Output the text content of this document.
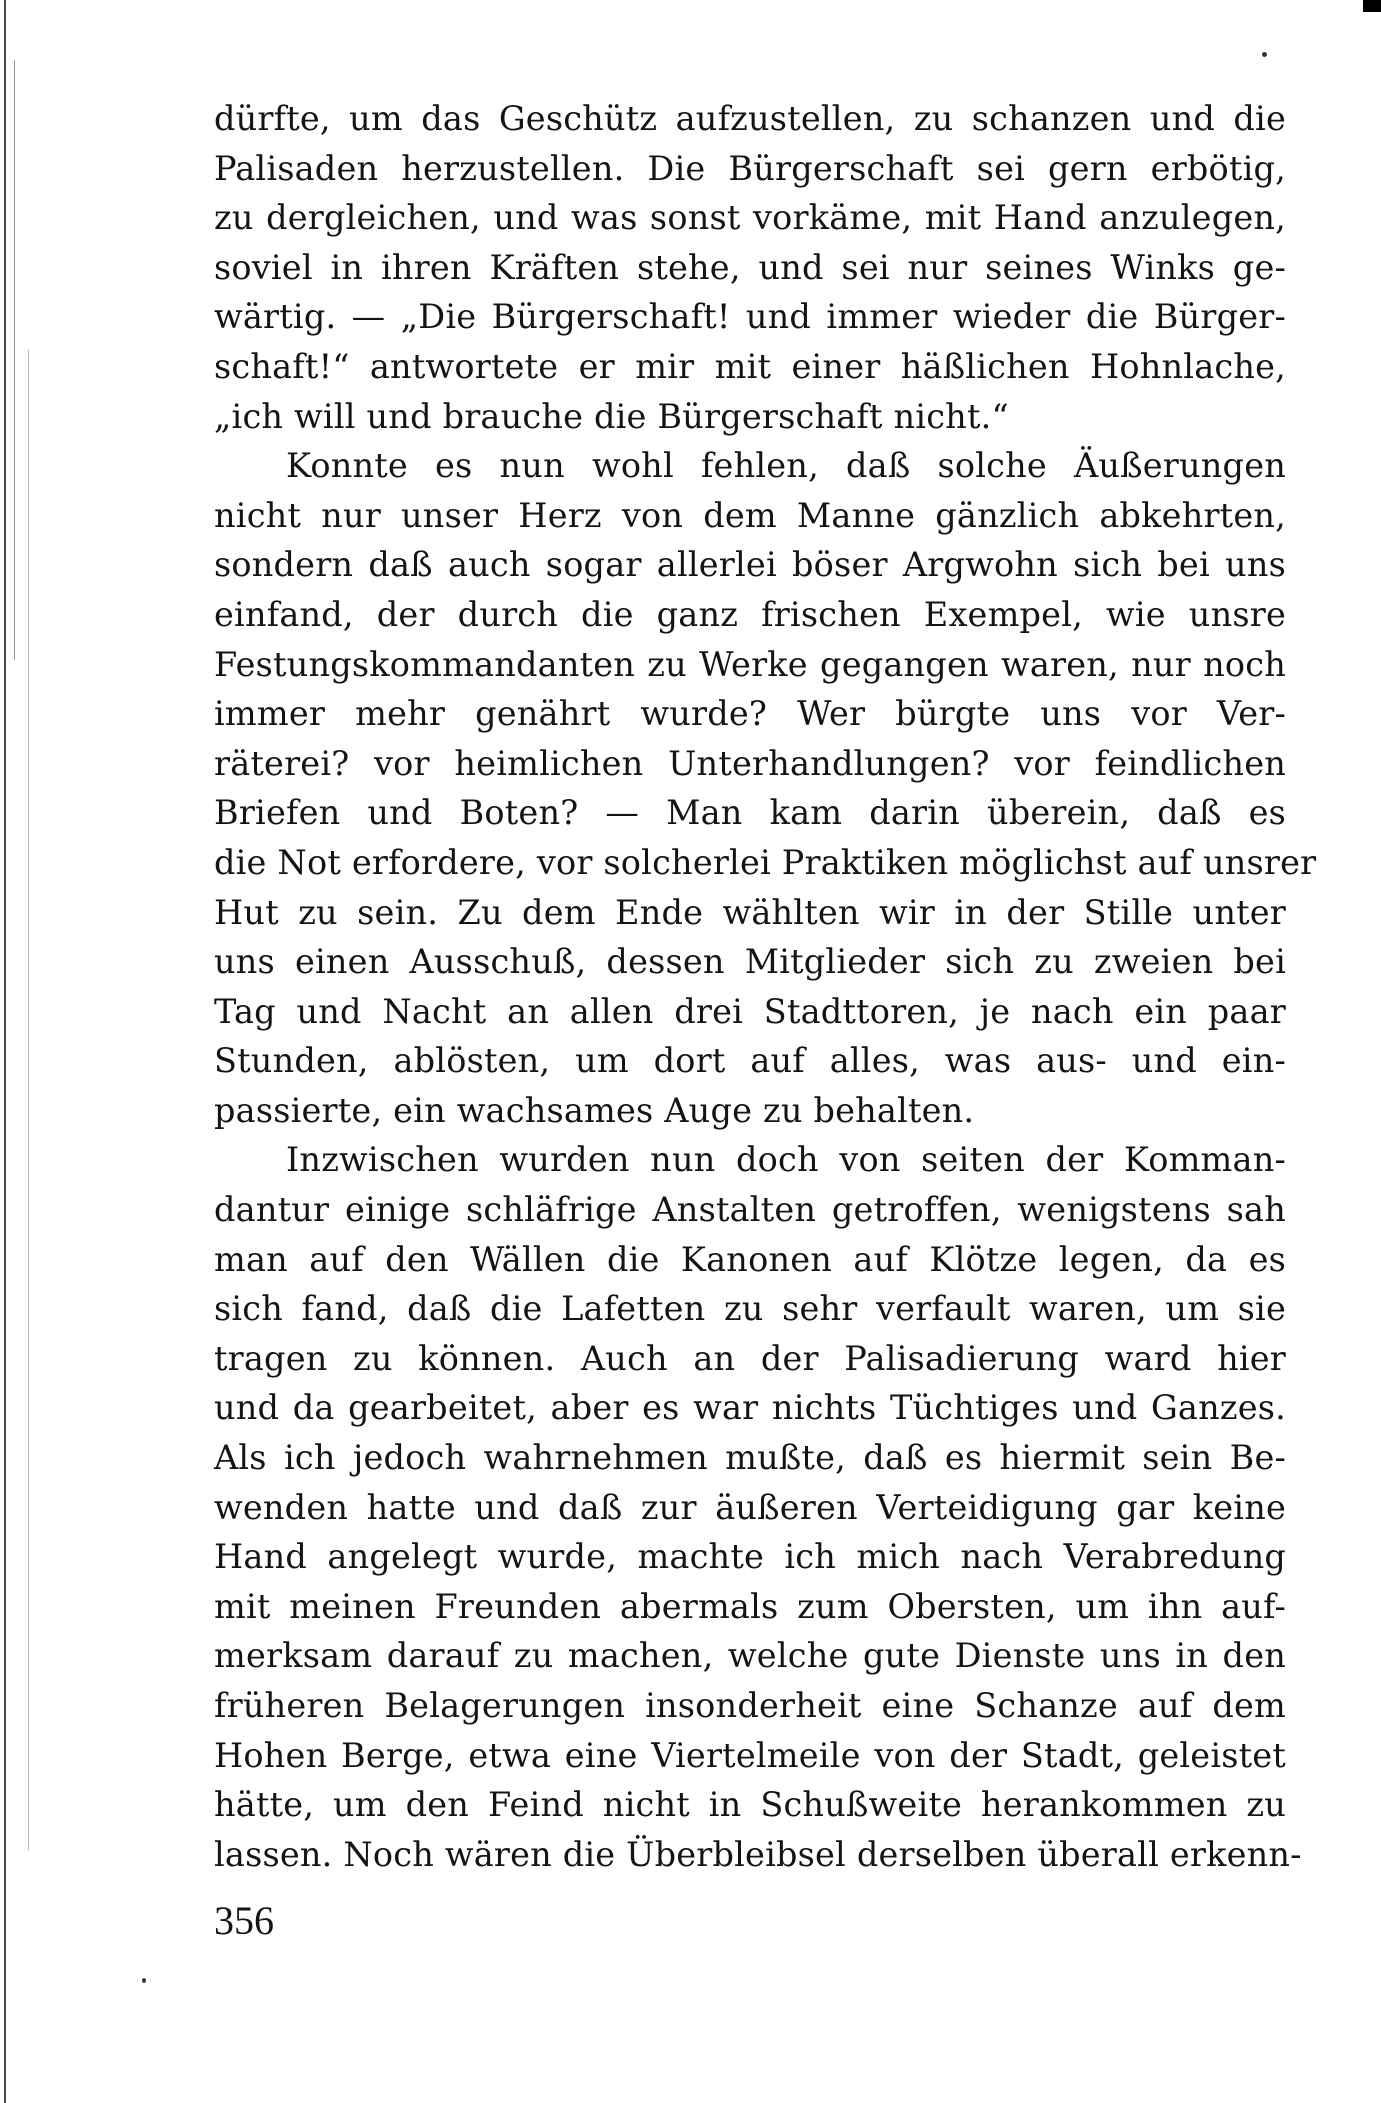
dürfte, um das Geschütz aufzustellen, zu schanzen und die
Palisaden herzustellen. Die Bürgerschaft sei gern erbötig,
zu dergleichen, und was sonst vorkäme, mit Hand anzulegen,
soviel in ihren Kräften stehe, und sei nur seines Winks ge-
wärtig. — „Die Bürgerschaft! und immer wieder die Bürger-
schaft!“ antwortete er mir mit einer häßlichen Hohnlache,
„ich will und brauche die Bürgerschaft nicht.“
Konnte es nun wohl fehlen, daß solche Äußerungen
nicht nur unser Herz von dem Manne gänzlich abkehrten,
sondern daß auch sogar allerlei böser Argwohn sich bei uns
einfand, der durch die ganz frischen Exempel, wie unsre
Festungskommandanten zu Werke gegangen waren, nur noch
immer mehr genährt wurde? Wer bürgte uns vor Ver-
räterei? vor heimlichen Unterhandlungen? vor feindlichen
Briefen und Boten? — Man kam darin überein, daß es
die Not erfordere, vor solcherlei Praktiken möglichst auf unsrer
Hut zu sein. Zu dem Ende wählten wir in der Stille unter
uns einen Ausschuß, dessen Mitglieder sich zu zweien bei
Tag und Nacht an allen drei Stadttoren, je nach ein paar
Stunden, ablösten, um dort auf alles, was aus- und ein-
passierte, ein wachsames Auge zu behalten.
Inzwischen wurden nun doch von seiten der Komman-
dantur einige schläfrige Anstalten getroffen, wenigstens sah
man auf den Wällen die Kanonen auf Klötze legen, da es
sich fand, daß die Lafetten zu sehr verfault waren, um sie
tragen zu können. Auch an der Palisadierung ward hier
und da gearbeitet, aber es war nichts Tüchtiges und Ganzes.
Als ich jedoch wahrnehmen mußte, daß es hiermit sein Be-
wenden hatte und daß zur äußeren Verteidigung gar keine
Hand angelegt wurde, machte ich mich nach Verabredung
mit meinen Freunden abermals zum Obersten, um ihn auf-
merksam darauf zu machen, welche gute Dienste uns in den
früheren Belagerungen insonderheit eine Schanze auf dem
Hohen Berge, etwa eine Viertelmeile von der Stadt, geleistet
hätte, um den Feind nicht in Schußweite herankommen zu
lassen. Noch wären die Überbleibsel derselben überall erkenn-
356
